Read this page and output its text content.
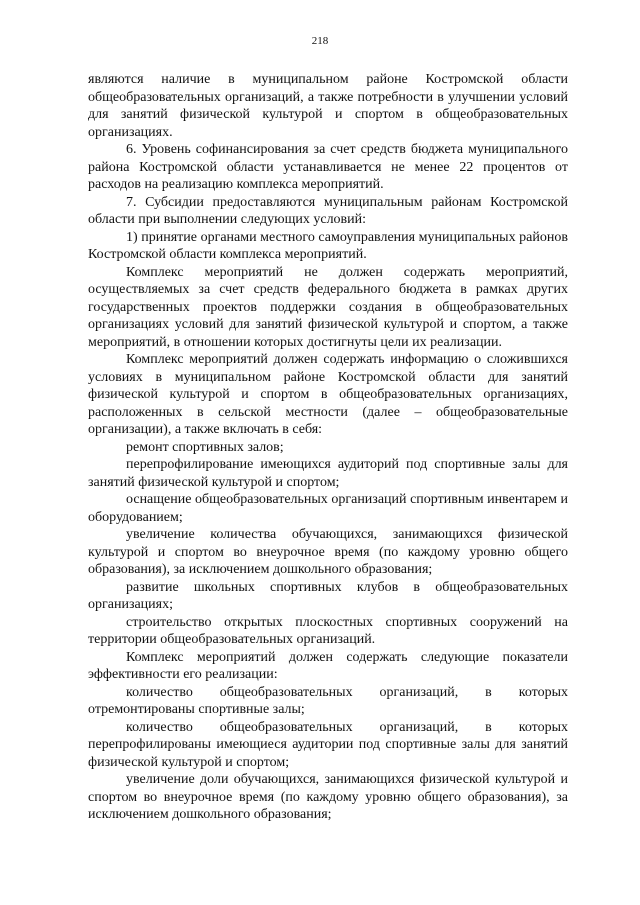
218

являются наличие в муниципальном районе Костромской области общеобразовательных организаций, а также потребности в улучшении условий для занятий физической культурой и спортом в общеобразовательных организациях.

6. Уровень софинансирования за счет средств бюджета муниципального района Костромской области устанавливается не менее 22 процентов от расходов на реализацию комплекса мероприятий.

7. Субсидии предоставляются муниципальным районам Костромской области при выполнении следующих условий:

1) принятие органами местного самоуправления муниципальных районов Костромской области комплекса мероприятий.

Комплекс мероприятий не должен содержать мероприятий, осуществляемых за счет средств федерального бюджета в рамках других государственных проектов поддержки создания в общеобразовательных организациях условий для занятий физической культурой и спортом, а также мероприятий, в отношении которых достигнуты цели их реализации.

Комплекс мероприятий должен содержать информацию о сложившихся условиях в муниципальном районе Костромской области для занятий физической культурой и спортом в общеобразовательных организациях, расположенных в сельской местности (далее – общеобразовательные организации), а также включать в себя:

ремонт спортивных залов;

перепрофилирование имеющихся аудиторий под спортивные залы для занятий физической культурой и спортом;

оснащение общеобразовательных организаций спортивным инвентарем и оборудованием;

увеличение количества обучающихся, занимающихся физической культурой и спортом во внеурочное время (по каждому уровню общего образования), за исключением дошкольного образования;

развитие школьных спортивных клубов в общеобразовательных организациях;

строительство открытых плоскостных спортивных сооружений на территории общеобразовательных организаций.

Комплекс мероприятий должен содержать следующие показатели эффективности его реализации:

количество общеобразовательных организаций, в которых отремонтированы спортивные залы;

количество общеобразовательных организаций, в которых перепрофилированы имеющиеся аудитории под спортивные залы для занятий физической культурой и спортом;

увеличение доли обучающихся, занимающихся физической культурой и спортом во внеурочное время (по каждому уровню общего образования), за исключением дошкольного образования;
